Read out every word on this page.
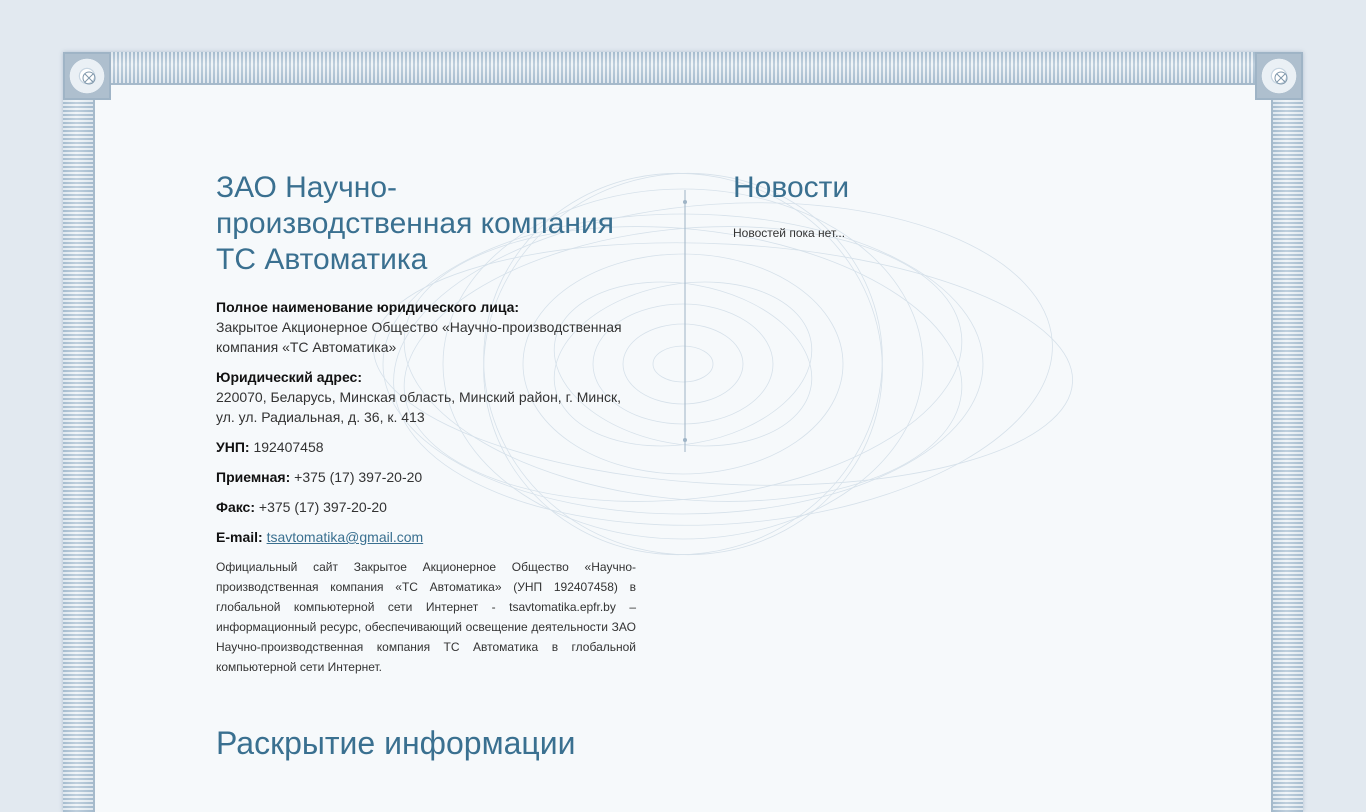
ЗАО Научно-производственная компания ТС Автоматика

Полное наименование юридического лица:
Закрытое Акционерное Общество «Научно-производственная компания «ТС Автоматика»

Юридический адрес:
220070, Беларусь, Минская область, Минский район, г. Минск, ул. ул. Радиальная, д. 36, к. 413

УНП: 192407458

Приемная: +375 (17) 397-20-20

Факс: +375 (17) 397-20-20

E-mail: tsavtomatika@gmail.com

Официальный сайт Закрытое Акционерное Общество «Научно-производственная компания «ТС Автоматика» (УНП 192407458) в глобальной компьютерной сети Интернет - tsavtomatika.epfr.by – информационный ресурс, обеспечивающий освещение деятельности ЗАО Научно-производственная компания ТС Автоматика в глобальной компьютерной сети Интернет.

Раскрытие информации
Новости

Новостей пока нет...
